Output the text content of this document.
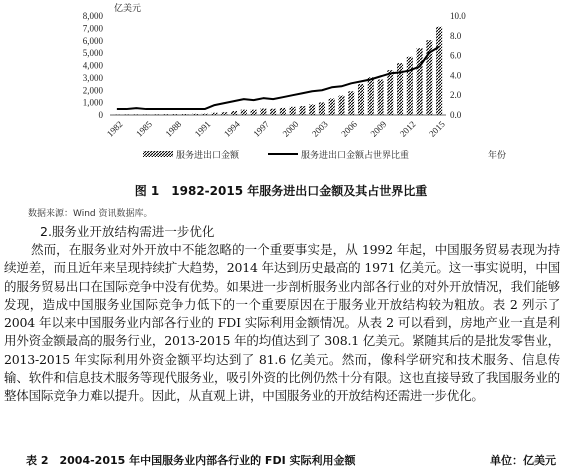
0
1,000
2,000
3,000
4,000
5,000
6,000
7,000
8,000
0.0
2.0
4.0
6.0
8.0
10.0
1982 1985 1988 1991 1994 1997 2000 2003 2006 2009 2012 2015
亿美元
年份
服务进出口金额	服务进出口金额占世界比重
图 1　1982-2015 年服务进出口金额及其占世界比重
数据来源：Wind 资讯数据库。
2.服务业开放结构需进一步优化

然而，在服务业对外开放中不能忽略的一个重要事实是，从 1992 年起，中国服务贸易表现为持续逆差，而且近年来呈现持续扩大趋势，2014 年达到历史最高的 1971 亿美元。这一事实说明，中国的服务贸易出口在国际竞争中没有优势。如果进一步剖析服务业内部各行业的对外开放情况，我们能够发现，造成中国服务业国际竞争力低下的一个重要原因在于服务业开放结构较为粗放。表 2 列示了 2004 年以来中国服务业内部各行业的 FDI 实际利用金额情况。从表 2 可以看到，房地产业一直是利用外资金额最高的服务行业，2013-2015 年的均值达到了 308.1 亿美元。紧随其后的是批发零售业，2013-2015 年实际利用外资金额平均达到了 81.6 亿美元。然而，像科学研究和技术服务、信息传输、软件和信息技术服务等现代服务业，吸引外资的比例仍然十分有限。这也直接导致了我国服务业的整体国际竞争力难以提升。因此，从直观上讲，中国服务业的开放结构还需进一步优化。

表 2　2004-2015 年中国服务业内部各行业的 FDI 实际利用金额	单位：亿美元
